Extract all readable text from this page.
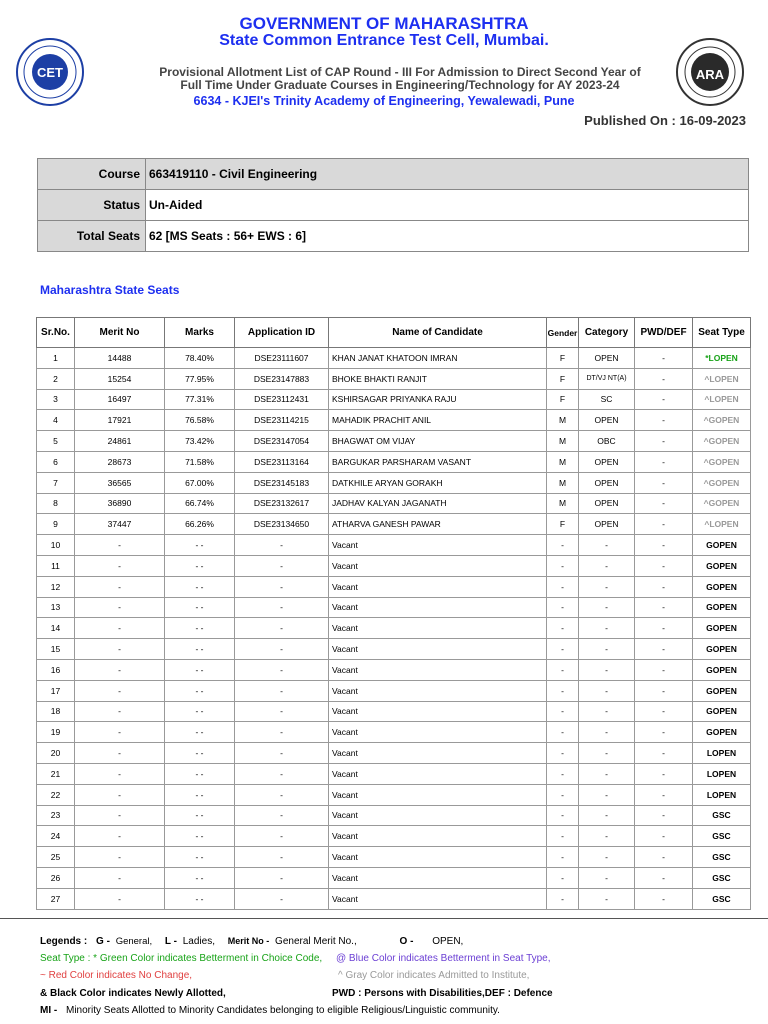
CET
GOVERNMENT OF MAHARASHTRA
State Common Entrance Test Cell, Mumbai.
Provisional Allotment List of CAP Round - III For Admission to Direct Second Year of
Full Time Under Graduate Courses in Engineering/Technology for AY 2023-24
6634 - KJEI's Trinity Academy of Engineering, Yewalewadi, Pune
Published On : 16-09-2023
ARA
Course	663419110 - Civil Engineering
Status	Un-Aided
Total Seats	62 [MS Seats : 56+ EWS : 6]
Maharashtra State Seats
Sr.No.	Merit No	Marks	Application ID	Name of Candidate	Gender	Category	PWD/DEF	Seat Type
1	14488	78.40%	DSE23111607	KHAN JANAT KHATOON IMRAN	F	OPEN	-	*LOPEN
2	15254	77.95%	DSE23147883	BHOKE BHAKTI RANJIT	F	DT/VJ NT(A)	-	^LOPEN
3	16497	77.31%	DSE23112431	KSHIRSAGAR PRIYANKA RAJU	F	SC	-	^LOPEN
4	17921	76.58%	DSE23114215	MAHADIK PRACHIT ANIL	M	OPEN	-	^GOPEN
5	24861	73.42%	DSE23147054	BHAGWAT OM VIJAY	M	OBC	-	^GOPEN
6	28673	71.58%	DSE23113164	BARGUKAR PARSHARAM VASANT	M	OPEN	-	^GOPEN
7	36565	67.00%	DSE23145183	DATKHILE ARYAN GORAKH	M	OPEN	-	^GOPEN
8	36890	66.74%	DSE23132617	JADHAV KALYAN JAGANATH	M	OPEN	-	^GOPEN
9	37447	66.26%	DSE23134650	ATHARVA GANESH PAWAR	F	OPEN	-	^LOPEN
10	-	- -	-	Vacant	-	-	-	GOPEN
11	-	- -	-	Vacant	-	-	-	GOPEN
12	-	- -	-	Vacant	-	-	-	GOPEN
13	-	- -	-	Vacant	-	-	-	GOPEN
14	-	- -	-	Vacant	-	-	-	GOPEN
15	-	- -	-	Vacant	-	-	-	GOPEN
16	-	- -	-	Vacant	-	-	-	GOPEN
17	-	- -	-	Vacant	-	-	-	GOPEN
18	-	- -	-	Vacant	-	-	-	GOPEN
19	-	- -	-	Vacant	-	-	-	GOPEN
20	-	- -	-	Vacant	-	-	-	LOPEN
21	-	- -	-	Vacant	-	-	-	LOPEN
22	-	- -	-	Vacant	-	-	-	LOPEN
23	-	- -	-	Vacant	-	-	-	GSC
24	-	- -	-	Vacant	-	-	-	GSC
25	-	- -	-	Vacant	-	-	-	GSC
26	-	- -	-	Vacant	-	-	-	GSC
27	-	- -	-	Vacant	-	-	-	GSC
Legends : G - General, L - Ladies, Merit No - General Merit No.,	O - OPEN,
Seat Type : * Green Color indicates Betterment in Choice Code, @ Blue Color indicates Betterment in Seat Type,
~ Red Color indicates No Change,	^ Gray Color indicates Admitted to Institute,
& Black Color indicates Newly Allotted,	PWD : Persons with Disabilities,DEF : Defence
MI - Minority Seats Allotted to Minority Candidates belonging to eligible Religious/Linguistic community.
